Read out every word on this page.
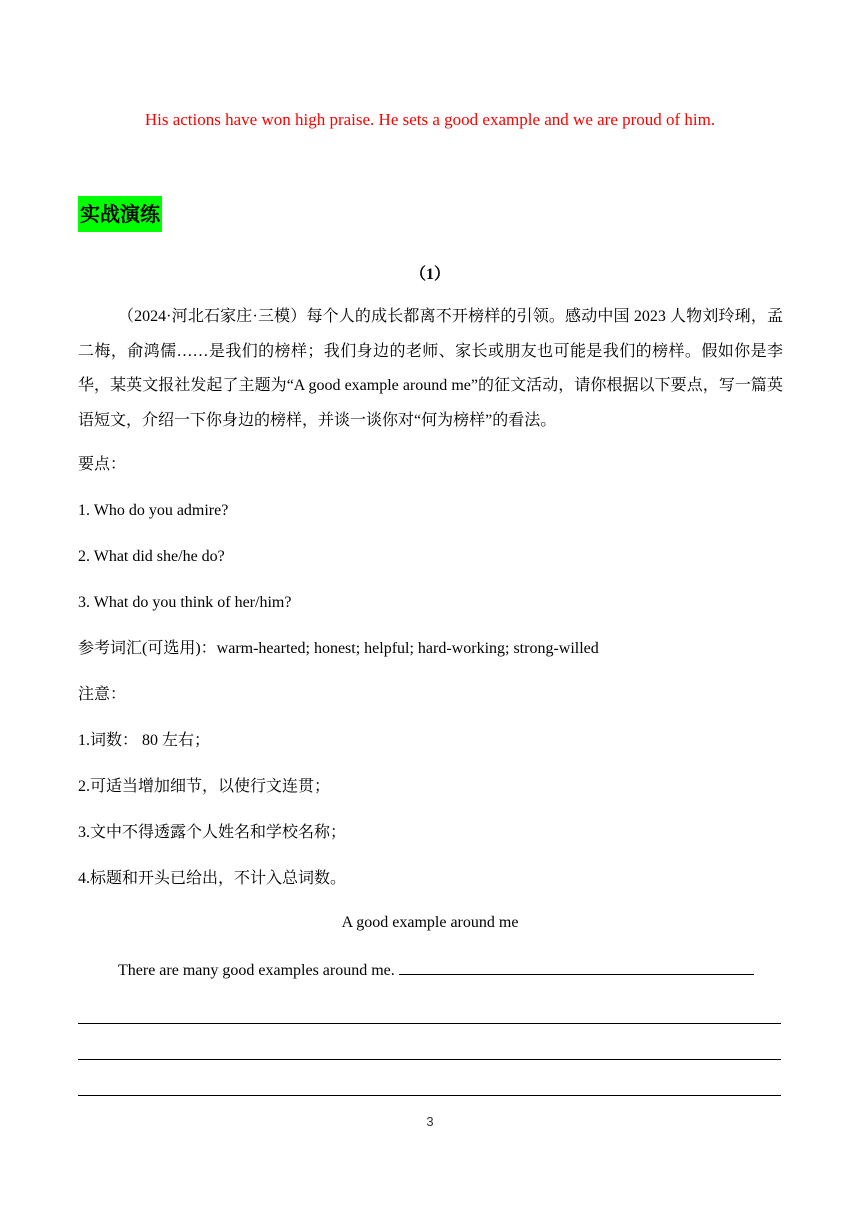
His actions have won high praise. He sets a good example and we are proud of him.
实战演练
（1）
（2024·河北石家庄·三模）每个人的成长都离不开榜样的引领。感动中国 2023 人物刘玲琍，孟二梅，俞鸿儒……是我们的榜样；我们身边的老师、家长或朋友也可能是我们的榜样。假如你是李华，某英文报社发起了主题为“A good example around me”的征文活动，请你根据以下要点，写一篇英语短文，介绍一下你身边的榜样，并谈一谈你对“何为榜样”的看法。
要点：
1. Who do you admire?
2. What did she/he do?
3. What do you think of her/him?
参考词汇(可选用)：warm-hearted; honest; helpful; hard-working; strong-willed
注意：
1.词数： 80 左右；
2.可适当增加细节，以使行文连贯；
3.文中不得透露个人姓名和学校名称；
4.标题和开头已给出，不计入总词数。
A good example around me
There are many good examples around me.
3
